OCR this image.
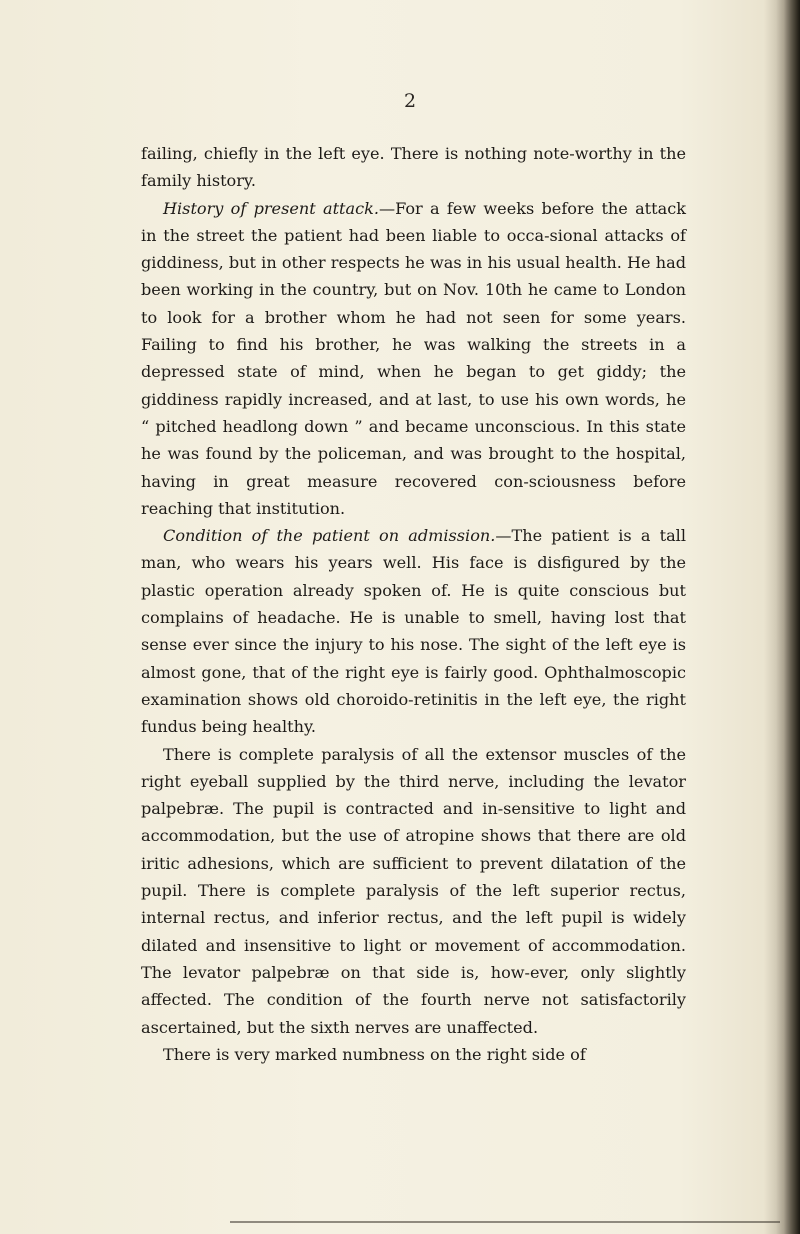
2

failing, chiefly in the left eye. There is nothing note-worthy in the family history.

History of present attack.—For a few weeks before the attack in the street the patient had been liable to occa-sional attacks of giddiness, but in other respects he was in his usual health. He had been working in the country, but on Nov. 10th he came to London to look for a brother whom he had not seen for some years. Failing to find his brother, he was walking the streets in a depressed state of mind, when he began to get giddy; the giddiness rapidly increased, and at last, to use his own words, he “ pitched headlong down ” and became unconscious. In this state he was found by the policeman, and was brought to the hospital, having in great measure recovered con-sciousness before reaching that institution.

Condition of the patient on admission.—The patient is a tall man, who wears his years well. His face is disfigured by the plastic operation already spoken of. He is quite conscious but complains of headache. He is unable to smell, having lost that sense ever since the injury to his nose. The sight of the left eye is almost gone, that of the right eye is fairly good. Ophthalmoscopic examination shows old choroido-retinitis in the left eye, the right fundus being healthy.

There is complete paralysis of all the extensor muscles of the right eyeball supplied by the third nerve, including the levator palpebræ. The pupil is contracted and in-sensitive to light and accommodation, but the use of atropine shows that there are old iritic adhesions, which are sufficient to prevent dilatation of the pupil. There is complete paralysis of the left superior rectus, internal rectus, and inferior rectus, and the left pupil is widely dilated and insensitive to light or movement of accommodation. The levator palpebræ on that side is, how-ever, only slightly affected. The condition of the fourth nerve not satisfactorily ascertained, but the sixth nerves are unaffected.

There is very marked numbness on the right side of
